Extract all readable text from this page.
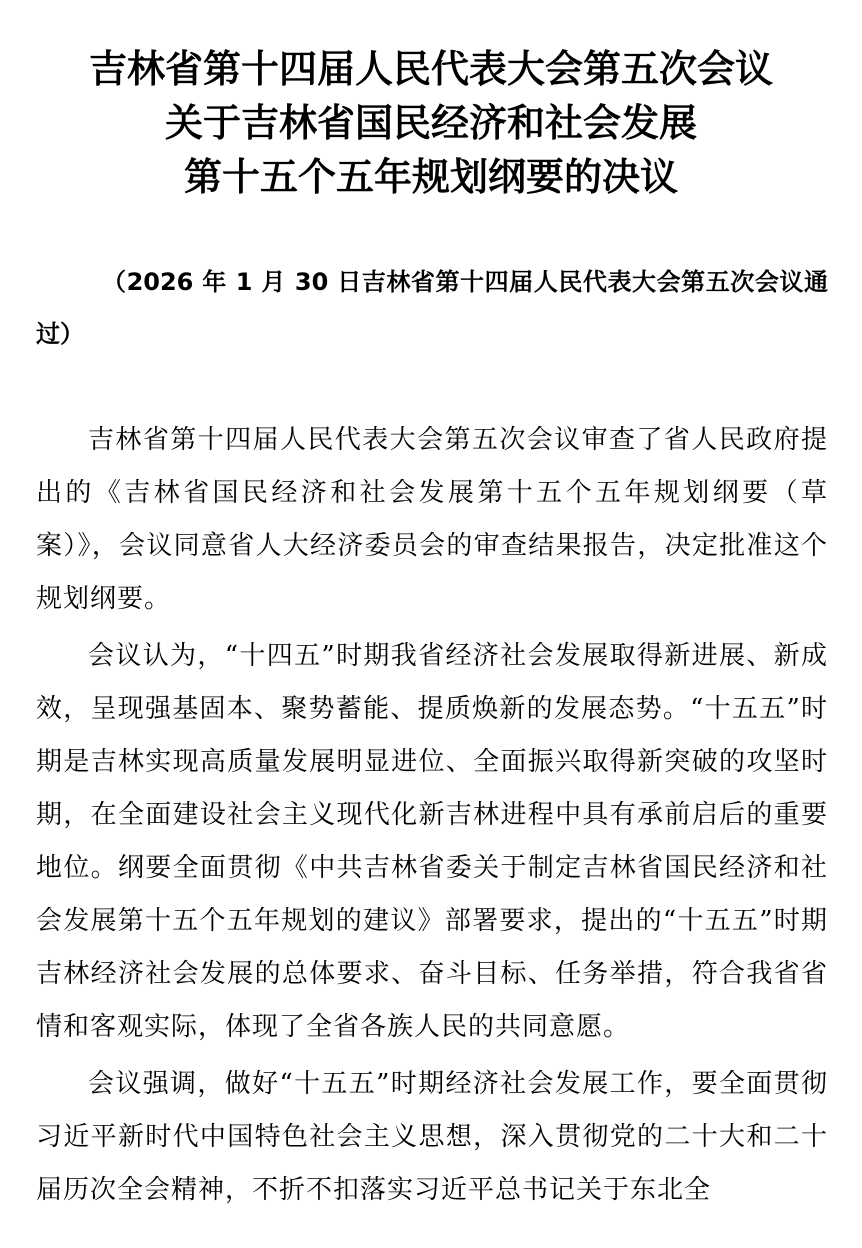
吉林省第十四届人民代表大会第五次会议
关于吉林省国民经济和社会发展
第十五个五年规划纲要的决议

（2026 年 1 月 30 日吉林省第十四届人民代表大会第五次会议通过）

吉林省第十四届人民代表大会第五次会议审查了省人民政府提出的《吉林省国民经济和社会发展第十五个五年规划纲要（草案）》，会议同意省人大经济委员会的审查结果报告，决定批准这个规划纲要。

会议认为，“十四五”时期我省经济社会发展取得新进展、新成效，呈现强基固本、聚势蓄能、提质焕新的发展态势。“十五五”时期是吉林实现高质量发展明显进位、全面振兴取得新突破的攻坚时期，在全面建设社会主义现代化新吉林进程中具有承前启后的重要地位。纲要全面贯彻《中共吉林省委关于制定吉林省国民经济和社会发展第十五个五年规划的建议》部署要求，提出的“十五五”时期吉林经济社会发展的总体要求、奋斗目标、任务举措，符合我省省情和客观实际，体现了全省各族人民的共同意愿。

会议强调，做好“十五五”时期经济社会发展工作，要全面贯彻习近平新时代中国特色社会主义思想，深入贯彻党的二十大和二十届历次全会精神，不折不扣落实习近平总书记关于东北全
